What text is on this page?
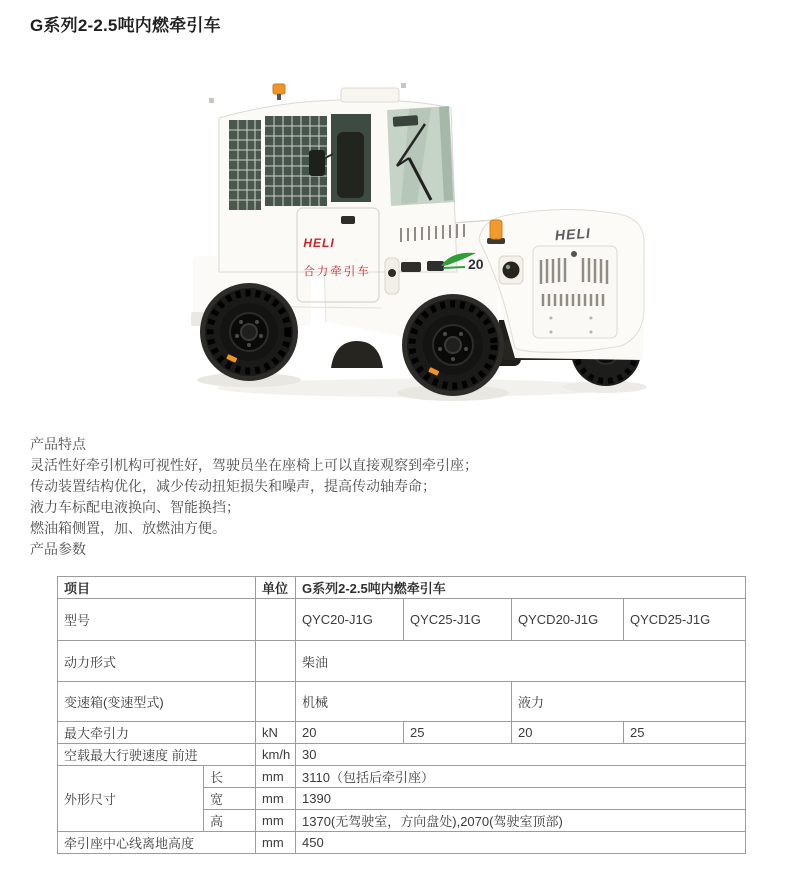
G系列2-2.5吨内燃牵引车
HELI
合力牵引车	20
HELI
产品特点
灵活性好牵引机构可视性好，驾驶员坐在座椅上可以直接观察到牵引座；
传动装置结构优化，减少传动扭矩损失和噪声，提高传动轴寿命；
液力车标配电液换向、智能换挡；
燃油箱侧置，加、放燃油方便。
产品参数
项目		单位	G系列2-2.5吨内燃牵引车			
型号			QYC20-J1G	QYC25-J1G	QYCD20-J1G	QYCD25-J1G
动力形式			柴油			
变速箱(变速型式)			机械		液力	
最大牵引力		kN	20	25	20	25
空载最大行驶速度 前进		km/h	30			
外形尺寸	长	mm	3110（包括后牵引座）			
	宽	mm	1390			
	高	mm	1370(无驾驶室，方向盘处),2070(驾驶室顶部)			
牵引座中心线离地高度		mm	450			
